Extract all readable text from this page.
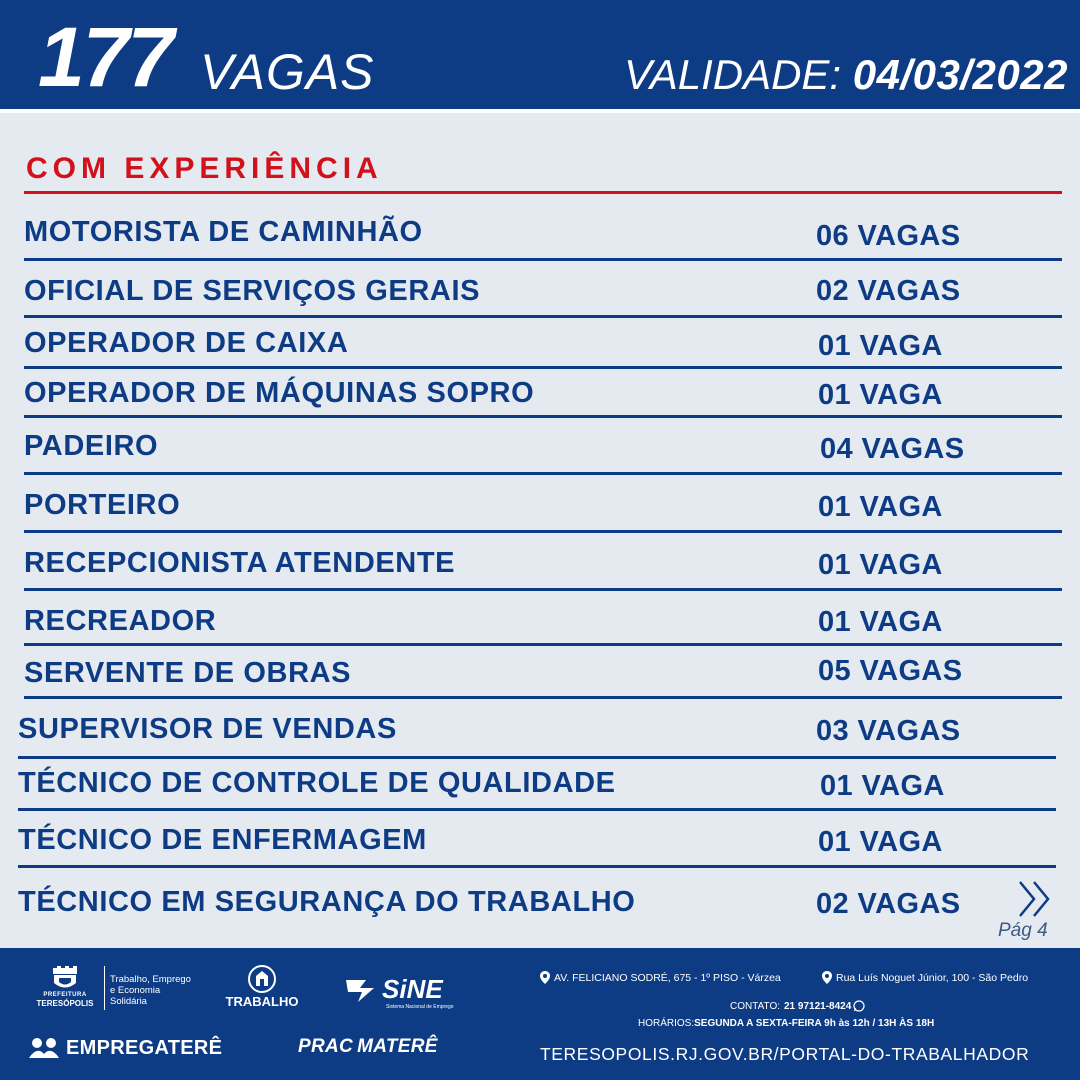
177 VAGAS	VALIDADE: 04/03/2022
COM EXPERIÊNCIA
MOTORISTA DE CAMINHÃO	06 VAGAS
OFICIAL DE SERVIÇOS GERAIS	02 VAGAS
OPERADOR DE CAIXA	01 VAGA
OPERADOR DE MÁQUINAS SOPRO	01 VAGA
PADEIRO	04 VAGAS
PORTEIRO	01 VAGA
RECEPCIONISTA ATENDENTE	01 VAGA
RECREADOR	01 VAGA
SERVENTE DE OBRAS	05 VAGAS
SUPERVISOR DE VENDAS	03 VAGAS
TÉCNICO DE CONTROLE DE QUALIDADE	01 VAGA
TÉCNICO DE ENFERMAGEM	01 VAGA
TÉCNICO EM SEGURANÇA DO TRABALHO	02 VAGAS
Pág 4
PREFEITURA
TERESÓPOLIS
Trabalho, Emprego
e Economia
Solidária	TRABALHO	SiNE
Sistema Nacional de Emprego
EMPREGATERÊ	PRAC MATERÊ
AV. FELICIANO SODRÉ, 675 - 1º PISO - Várzea	Rua Luís Noguet Júnior, 100 - São Pedro
CONTATO: 21 97121-8424
HORÁRIOS:SEGUNDA A SEXTA-FEIRA 9h às 12h / 13H ÀS 18H
TERESOPOLIS.RJ.GOV.BR/PORTAL-DO-TRABALHADOR
